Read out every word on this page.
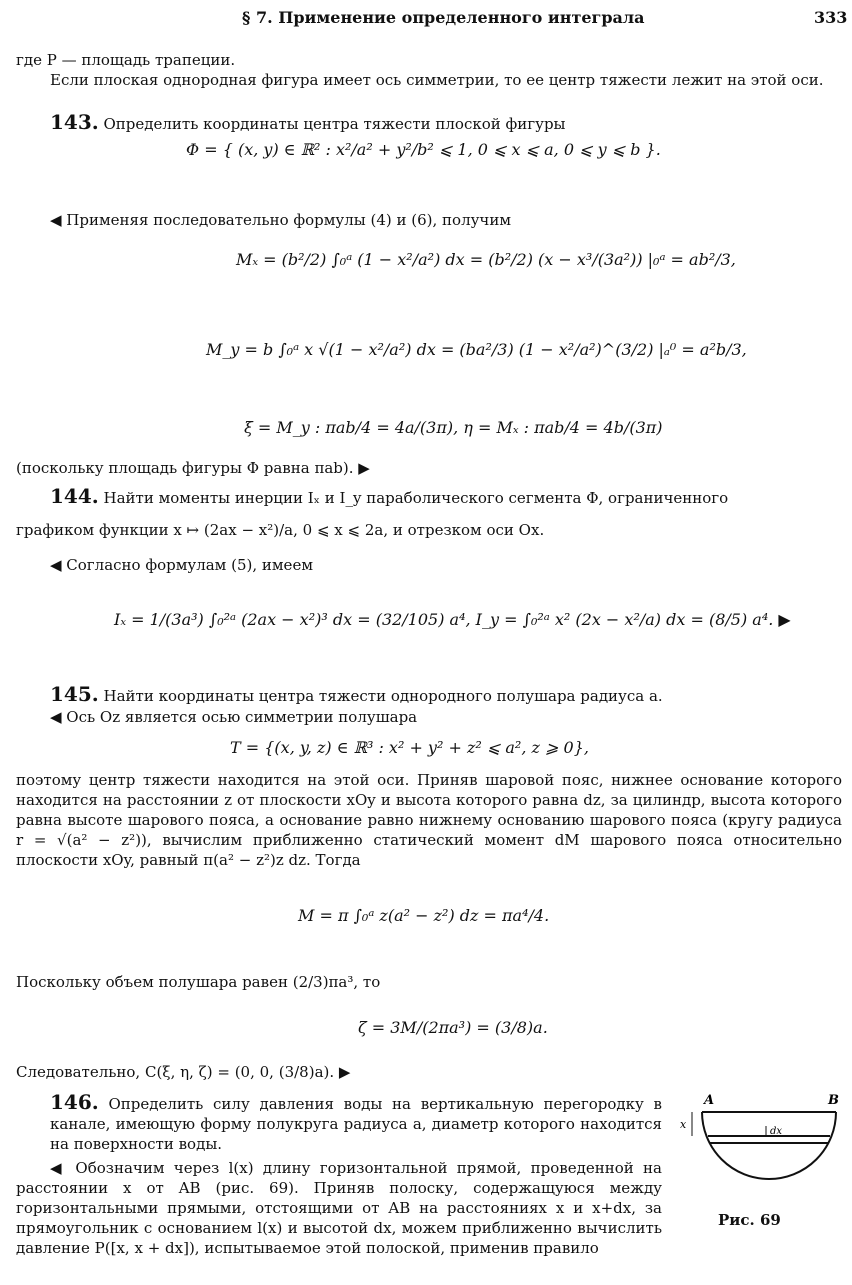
§ 7. Применение определенного интеграла	333
где P — площадь трапеции.
Если плоская однородная фигура имеет ось симметрии, то ее центр тяжести лежит на этой оси.
143. Определить координаты центра тяжести плоской фигуры
Φ = { (x, y) ∈ ℝ² : x²/a² + y²/b² ⩽ 1, 0 ⩽ x ⩽ a, 0 ⩽ y ⩽ b }.
◀ Применяя последовательно формулы (4) и (6), получим
Mₓ = (b²/2) ∫₀ᵃ (1 − x²/a²) dx = (b²/2) (x − x³/(3a²)) |₀ᵃ = ab²/3,
M_y = b ∫₀ᵃ x √(1 − x²/a²) dx = (ba²/3) (1 − x²/a²)^(3/2) |ₐ⁰ = a²b/3,
ξ = M_y : πab/4 = 4a/(3π), η = Mₓ : πab/4 = 4b/(3π)
(поскольку площадь фигуры Φ равна πab). ▶
144. Найти моменты инерции Iₓ и I_y параболического сегмента Φ, ограниченного
графиком функции x ↦ (2ax − x²)/a, 0 ⩽ x ⩽ 2a, и отрезком оси Ox.
◀ Согласно формулам (5), имеем
Iₓ = 1/(3a³) ∫₀²ᵃ (2ax − x²)³ dx = (32/105) a⁴, I_y = ∫₀²ᵃ x² (2x − x²/a) dx = (8/5) a⁴. ▶
145. Найти координаты центра тяжести однородного полушара радиуса a.
◀ Ось Oz является осью симметрии полушара
T = {(x, y, z) ∈ ℝ³ : x² + y² + z² ⩽ a², z ⩾ 0},
поэтому центр тяжести находится на этой оси. Приняв шаровой пояс, нижнее основание которого находится на расстоянии z от плоскости xOy и высота которого равна dz, за цилиндр, высота которого равна высоте шарового пояса, а основание равно нижнему основанию шарового пояса (кругу радиуса r = √(a² − z²)), вычислим приближенно статический момент dM шарового пояса относительно плоскости xOy, равный π(a² − z²)z dz. Тогда
M = π ∫₀ᵃ z(a² − z²) dz = πa⁴/4.
Поскольку объем полушара равен (2/3)πa³, то
ζ = 3M/(2πa³) = (3/8)a.
Следовательно, C(ξ, η, ζ) = (0, 0, (3/8)a). ▶
146. Определить силу давления воды на вертикальную перегородку в канале, имеющую форму полукруга радиуса a, диаметр которого находится на поверхности воды.
◀ Обозначим через l(x) длину горизонтальной прямой, проведенной на расстоянии x от AB (рис. 69). Приняв полоску, содержащуюся между горизонтальными прямыми, отстоящими от AB на расстояниях x и x+dx, за прямоугольник с основанием l(x) и высотой dx, можем приближенно вычислить давление P([x, x + dx]), испытываемое этой полоской, применив правило
A	B
x
dx
Рис. 69
